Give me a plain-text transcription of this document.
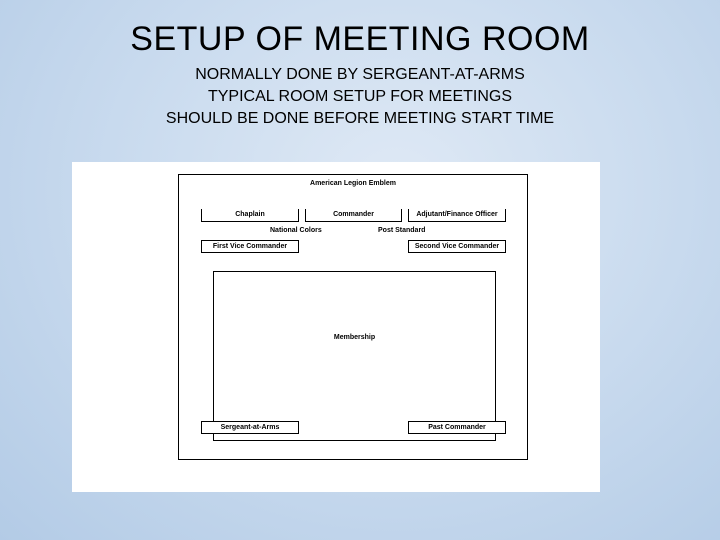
SETUP OF MEETING ROOM
NORMALLY DONE BY SERGEANT-AT-ARMS
TYPICAL ROOM SETUP FOR MEETINGS
SHOULD BE DONE BEFORE MEETING START TIME
American Legion Emblem
Chaplain	Commander	Adjutant/Finance Officer
National Colors	Post Standard
First Vice Commander	Second Vice Commander
Membership
Sergeant-at-Arms	Past Commander
